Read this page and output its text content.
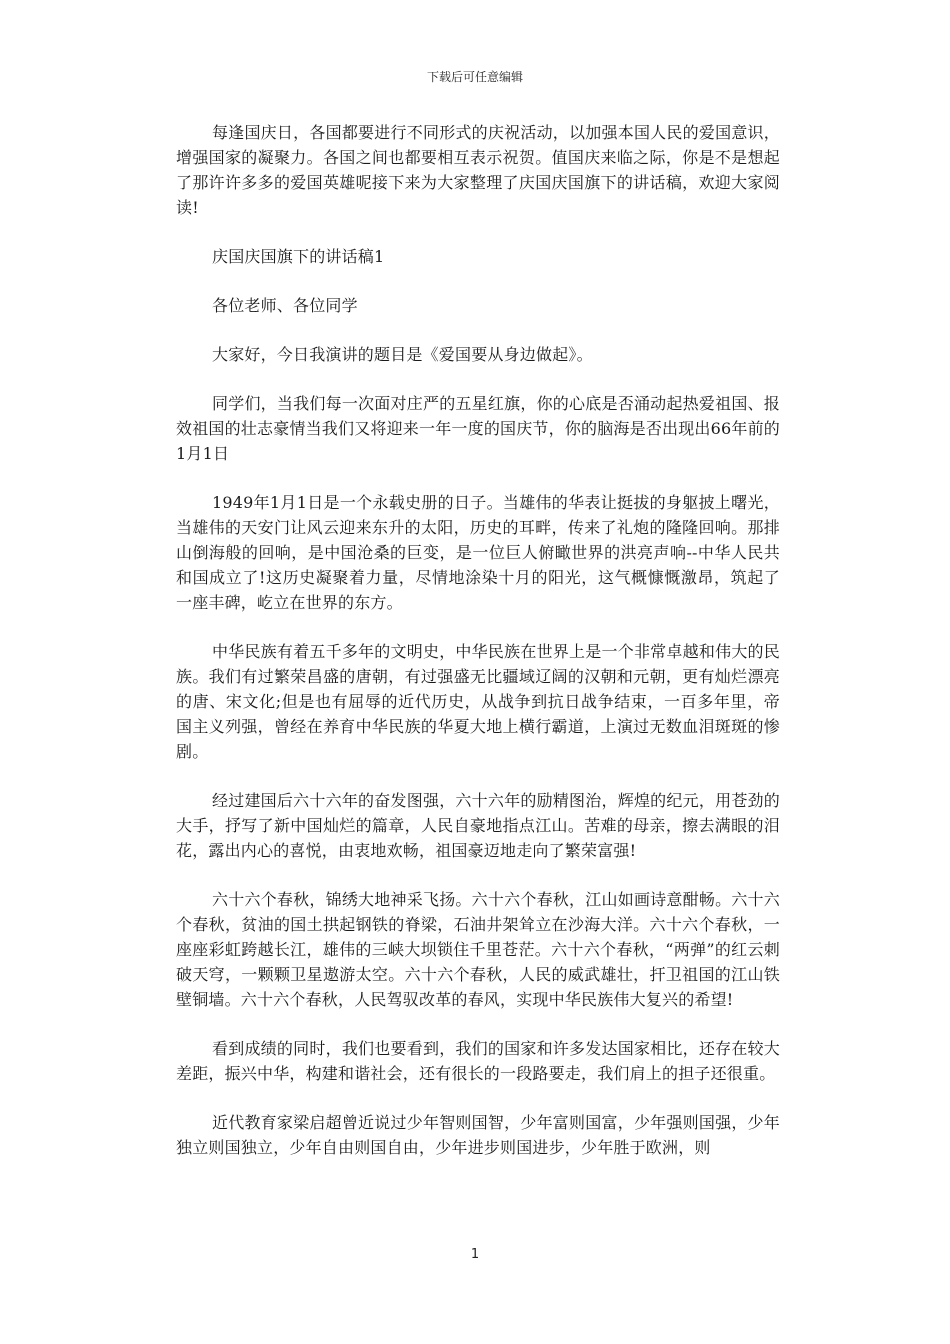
下载后可任意编辑

每逢国庆日，各国都要进行不同形式的庆祝活动，以加强本国人民的爱国意识，增强国家的凝聚力。各国之间也都要相互表示祝贺。值国庆来临之际，你是不是想起了那许许多多的爱国英雄呢接下来为大家整理了庆国庆国旗下的讲话稿，欢迎大家阅读!

庆国庆国旗下的讲话稿1

各位老师、各位同学

大家好，今日我演讲的题目是《爱国要从身边做起》。

同学们，当我们每一次面对庄严的五星红旗，你的心底是否涌动起热爱祖国、报效祖国的壮志豪情当我们又将迎来一年一度的国庆节，你的脑海是否出现出66年前的1月1日

1949年1月1日是一个永载史册的日子。当雄伟的华表让挺拔的身躯披上曙光，当雄伟的天安门让风云迎来东升的太阳，历史的耳畔，传来了礼炮的隆隆回响。那排山倒海般的回响，是中国沧桑的巨变，是一位巨人俯瞰世界的洪亮声响--中华人民共和国成立了!这历史凝聚着力量，尽情地涂染十月的阳光，这气概慷慨激昂，筑起了一座丰碑，屹立在世界的东方。

中华民族有着五千多年的文明史，中华民族在世界上是一个非常卓越和伟大的民族。我们有过繁荣昌盛的唐朝，有过强盛无比疆域辽阔的汉朝和元朝，更有灿烂漂亮的唐、宋文化;但是也有屈辱的近代历史，从战争到抗日战争结束，一百多年里，帝国主义列强，曾经在养育中华民族的华夏大地上横行霸道，上演过无数血泪斑斑的惨剧。

经过建国后六十六年的奋发图强，六十六年的励精图治，辉煌的纪元，用苍劲的大手，抒写了新中国灿烂的篇章，人民自豪地指点江山。苦难的母亲，擦去满眼的泪花，露出内心的喜悦，由衷地欢畅，祖国豪迈地走向了繁荣富强!

六十六个春秋，锦绣大地神采飞扬。六十六个春秋，江山如画诗意酣畅。六十六个春秋，贫油的国土拱起钢铁的脊梁，石油井架耸立在沙海大洋。六十六个春秋，一座座彩虹跨越长江，雄伟的三峡大坝锁住千里苍茫。六十六个春秋，“两弹”的红云刺破天穹，一颗颗卫星遨游太空。六十六个春秋，人民的威武雄壮，扞卫祖国的江山铁壁铜墙。六十六个春秋，人民驾驭改革的春风，实现中华民族伟大复兴的希望!

看到成绩的同时，我们也要看到，我们的国家和许多发达国家相比，还存在较大差距，振兴中华，构建和谐社会，还有很长的一段路要走，我们肩上的担子还很重。

近代教育家梁启超曾近说过少年智则国智，少年富则国富，少年强则国强，少年独立则国独立，少年自由则国自由，少年进步则国进步，少年胜于欧洲，则

1
